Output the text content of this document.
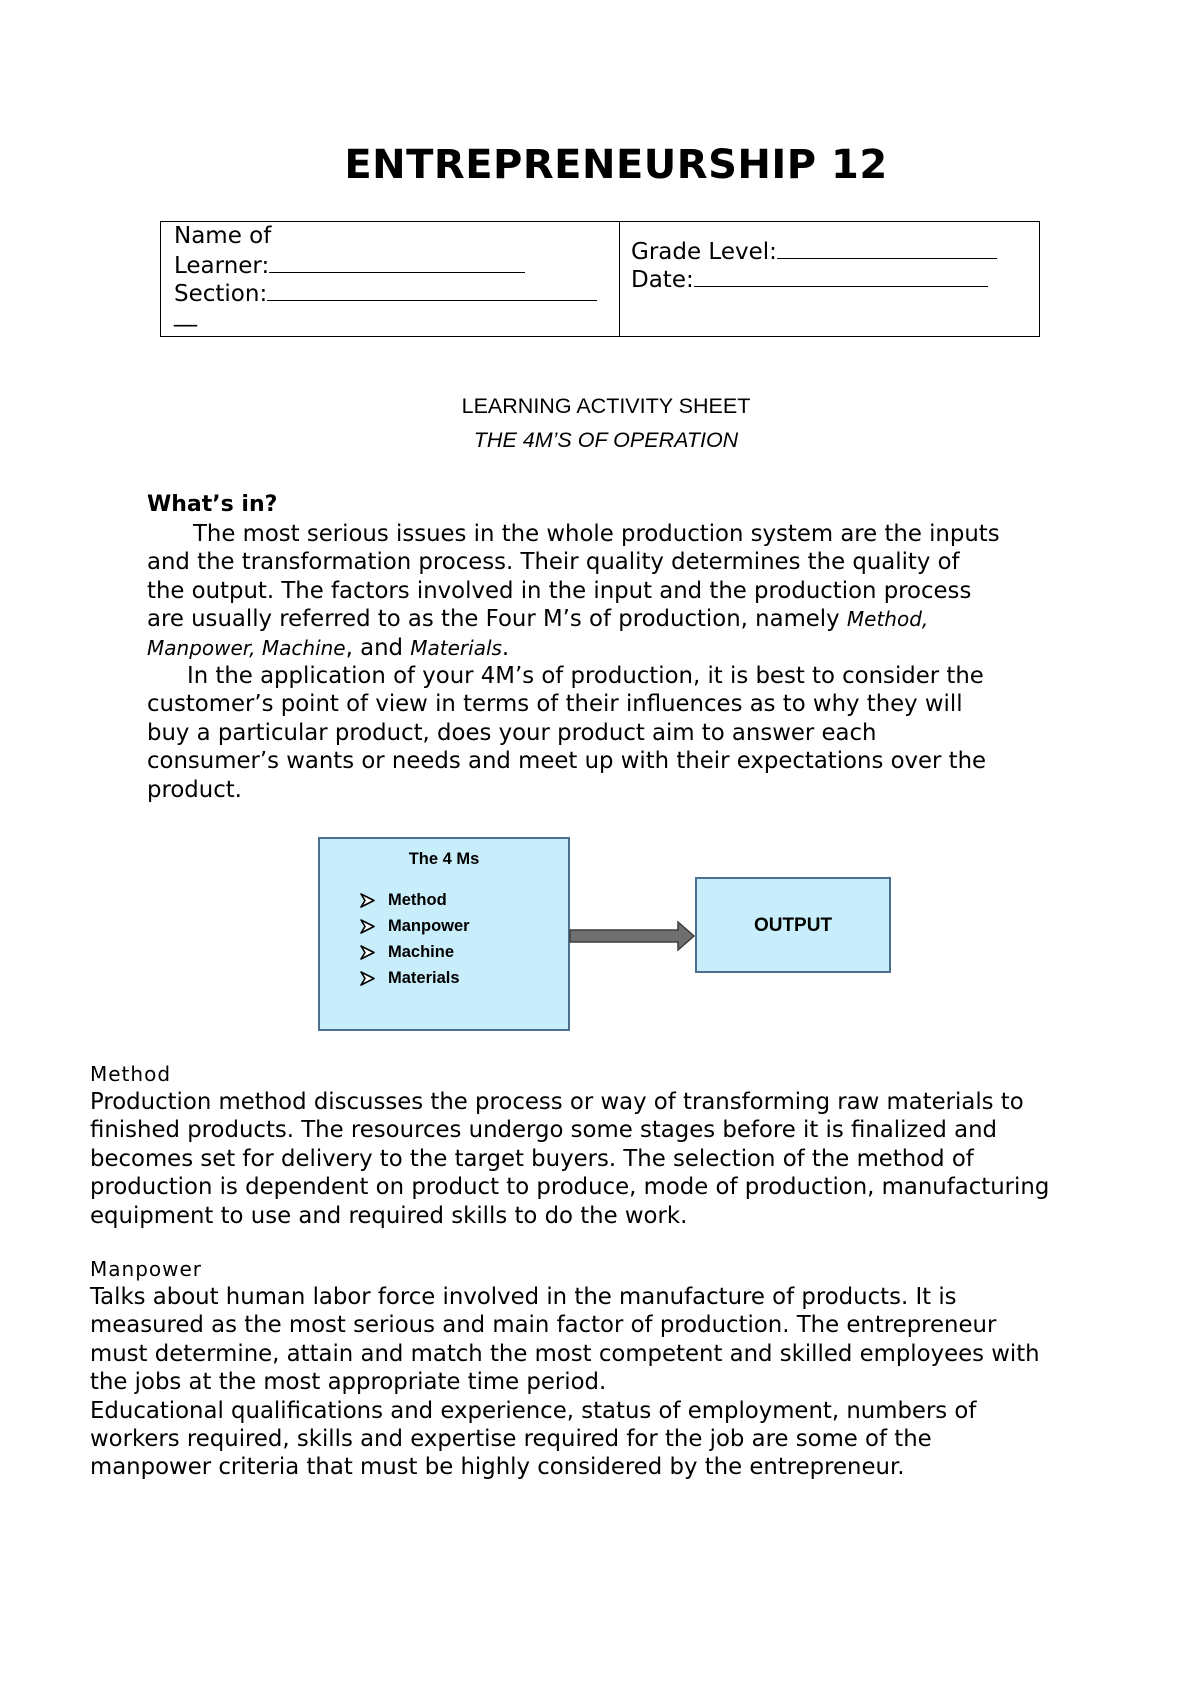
ENTREPRENEURSHIP 12
Name of
Learner:
Section:
__
Grade Level:
Date:
LEARNING ACTIVITY SHEET
THE 4M’S OF OPERATION
What’s in?

The most serious issues in the whole production system are the inputs

and the transformation process. Their quality determines the quality of

the output. The factors involved in the input and the production process

are usually referred to as the Four M’s of production, namely Method,

Manpower, Machine, and Materials.

In the application of your 4M’s of production, it is best to consider the

customer’s point of view in terms of their influences as to why they will

buy a particular product, does your product aim to answer each

consumer’s wants or needs and meet up with their expectations over the

product.

The 4 Ms
Method
Manpower
Machine
Materials
OUTPUT
Method

Production method discusses the process or way of transforming raw materials to

finished products. The resources undergo some stages before it is finalized and

becomes set for delivery to the target buyers. The selection of the method of

production is dependent on product to produce, mode of production, manufacturing

equipment to use and required skills to do the work.

Manpower

Talks about human labor force involved in the manufacture of products. It is

measured as the most serious and main factor of production. The entrepreneur

must determine, attain and match the most competent and skilled employees with

the jobs at the most appropriate time period.

Educational qualifications and experience, status of employment, numbers of

workers required, skills and expertise required for the job are some of the

manpower criteria that must be highly considered by the entrepreneur.
